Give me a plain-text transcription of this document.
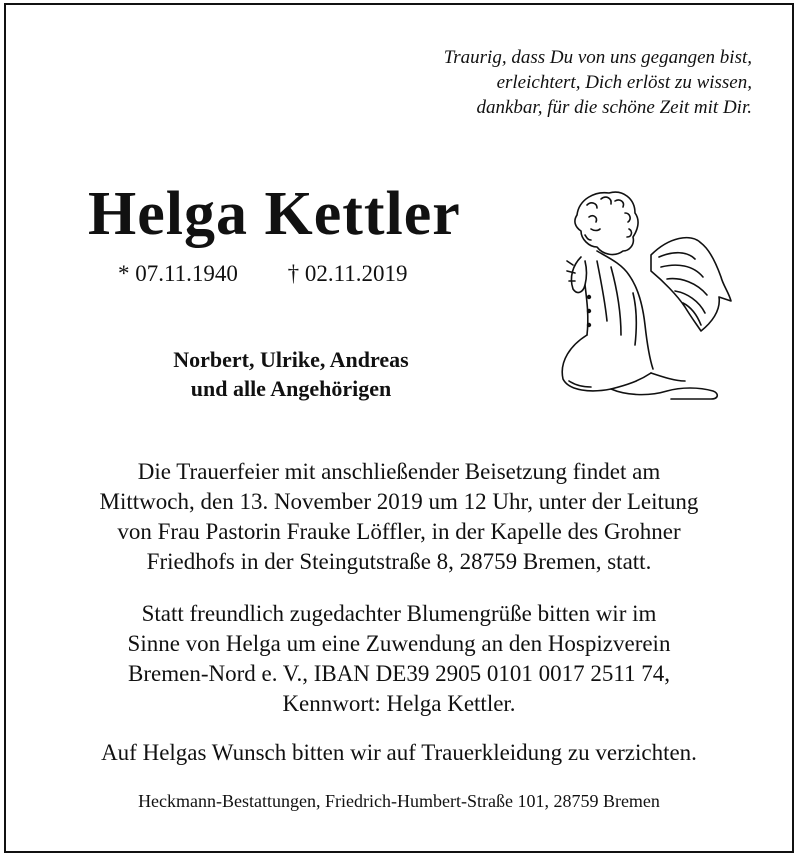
Traurig, dass Du von uns gegangen bist,
erleichtert, Dich erlöst zu wissen,
dankbar, für die schöne Zeit mit Dir.
Helga Kettler
* 07.11.1940 † 02.11.2019
Norbert, Ulrike, Andreas
und alle Angehörigen
Die Trauerfeier mit anschließender Beisetzung findet am
Mittwoch, den 13. November 2019 um 12 Uhr, unter der Leitung
von Frau Pastorin Frauke Löffler, in der Kapelle des Grohner
Friedhofs in der Steingutstraße 8, 28759 Bremen, statt.
Statt freundlich zugedachter Blumengrüße bitten wir im
Sinne von Helga um eine Zuwendung an den Hospizverein
Bremen-Nord e. V., IBAN DE39 2905 0101 0017 2511 74,
Kennwort: Helga Kettler.
Auf Helgas Wunsch bitten wir auf Trauerkleidung zu verzichten.
Heckmann-Bestattungen, Friedrich-Humbert-Straße 101, 28759 Bremen
